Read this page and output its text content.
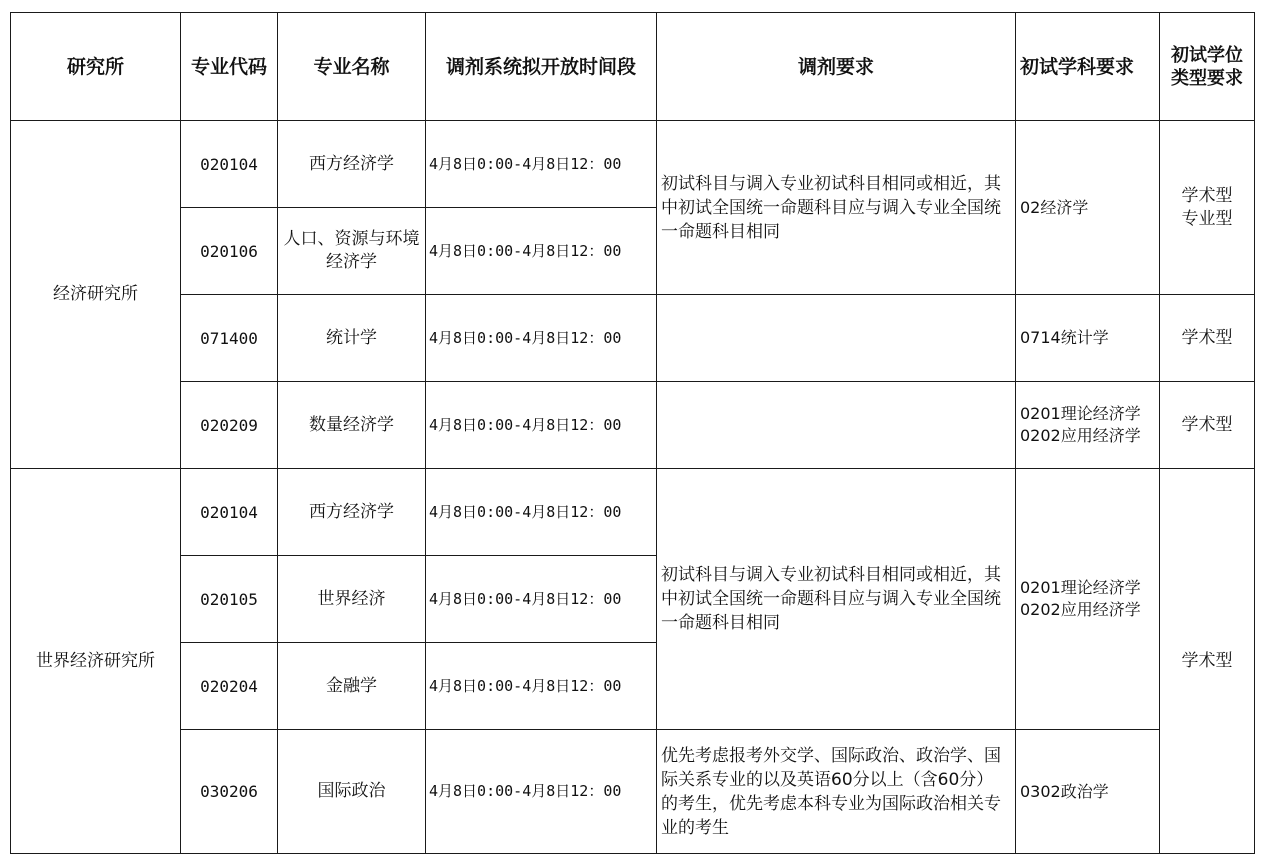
研究所	专业代码	专业名称	调剂系统拟开放时间段	调剂要求	初试学科要求	初试学位类型要求
经济研究所	020104	西方经济学	4月8日0:00-4月8日12：00	初试科目与调入专业初试科目相同或相近，其中初试全国统一命题科目应与调入专业全国统一命题科目相同	02经济学	学术型
专业型

	020106	人口、资源与环境经济学	4月8日0:00-4月8日12：00			
	071400	统计学	4月8日0:00-4月8日12：00		0714统计学	学术型
	020209	数量经济学	4月8日0:00-4月8日12：00		0201理论经济学
0202应用经济学	学术型
世界经济研究所	020104	西方经济学	4月8日0:00-4月8日12：00	初试科目与调入专业初试科目相同或相近，其中初试全国统一命题科目应与调入专业全国统一命题科目相同	0201理论经济学
0202应用经济学	学术型
	020105	世界经济	4月8日0:00-4月8日12：00			
	020204	金融学	4月8日0:00-4月8日12：00			
	030206	国际政治	4月8日0:00-4月8日12：00	优先考虑报考外交学、国际政治、政治学、国际关系专业的以及英语60分以上（含60分）的考生，优先考虑本科专业为国际政治相关专业的考生	0302政治学	
